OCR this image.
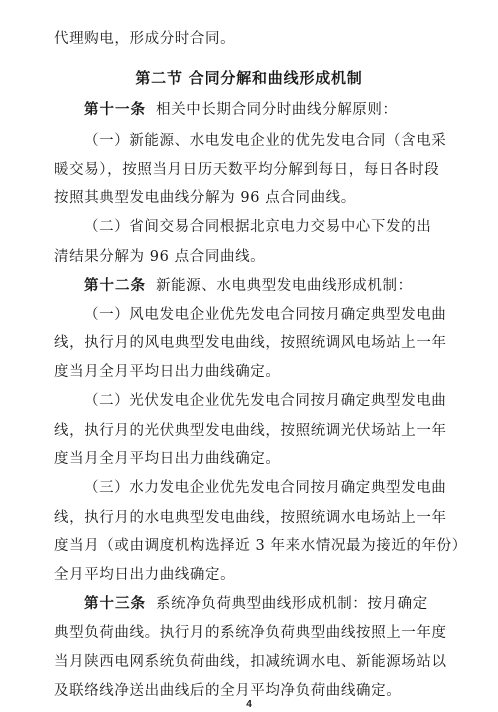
代理购电，形成分时合同。
第二节 合同分解和曲线形成机制
第十一条 相关中长期合同分时曲线分解原则：
（一）新能源、水电发电企业的优先发电合同（含电采
暖交易），按照当月日历天数平均分解到每日，每日各时段
按照其典型发电曲线分解为 96 点合同曲线。
（二）省间交易合同根据北京电力交易中心下发的出
清结果分解为 96 点合同曲线。
第十二条 新能源、水电典型发电曲线形成机制：
（一）风电发电企业优先发电合同按月确定典型发电曲
线，执行月的风电典型发电曲线，按照统调风电场站上一年
度当月全月平均日出力曲线确定。
（二）光伏发电企业优先发电合同按月确定典型发电曲
线，执行月的光伏典型发电曲线，按照统调光伏场站上一年
度当月全月平均日出力曲线确定。
（三）水力发电企业优先发电合同按月确定典型发电曲
线，执行月的水电典型发电曲线，按照统调水电场站上一年
度当月（或由调度机构选择近 3 年来水情况最为接近的年份）
全月平均日出力曲线确定。
第十三条 系统净负荷典型曲线形成机制：按月确定
典型负荷曲线。执行月的系统净负荷典型曲线按照上一年度
当月陕西电网系统负荷曲线，扣减统调水电、新能源场站以
及联络线净送出曲线后的全月平均净负荷曲线确定。
4
